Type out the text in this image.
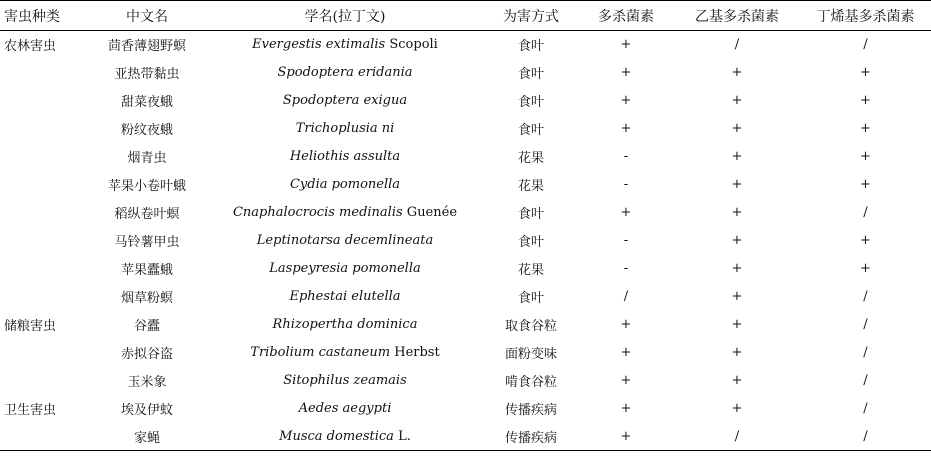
害虫种类	中文名	学名(拉丁文)	为害方式	多杀菌素	乙基多杀菌素	丁烯基多杀菌素
农林害虫	茴香薄翅野螟	Evergestis extimalis Scopoli	食叶	+	/	/
	亚热带黏虫	Spodoptera eridania	食叶	+	+	+
	甜菜夜蛾	Spodoptera exigua	食叶	+	+	+
	粉纹夜蛾	Trichoplusia ni	食叶	+	+	+
	烟青虫	Heliothis assulta	花果	-	+	+
	苹果小卷叶蛾	Cydia pomonella	花果	-	+	+
	稻纵卷叶螟	Cnaphalocrocis medinalis Guenée	食叶	+	+	/
	马铃薯甲虫	Leptinotarsa decemlineata	食叶	-	+	+
	苹果蠹蛾	Laspeyresia pomonella	花果	-	+	+
	烟草粉螟	Ephestai elutella	食叶	/	+	/
储粮害虫	谷蠹	Rhizopertha dominica	取食谷粒	+	+	/
	赤拟谷盗	Tribolium castaneum Herbst	面粉变味	+	+	/
	玉米象	Sitophilus zeamais	啃食谷粒	+	+	/
卫生害虫	埃及伊蚊	Aedes aegypti	传播疾病	+	+	/
	家蝇	Musca domestica L.	传播疾病	+	/	/
